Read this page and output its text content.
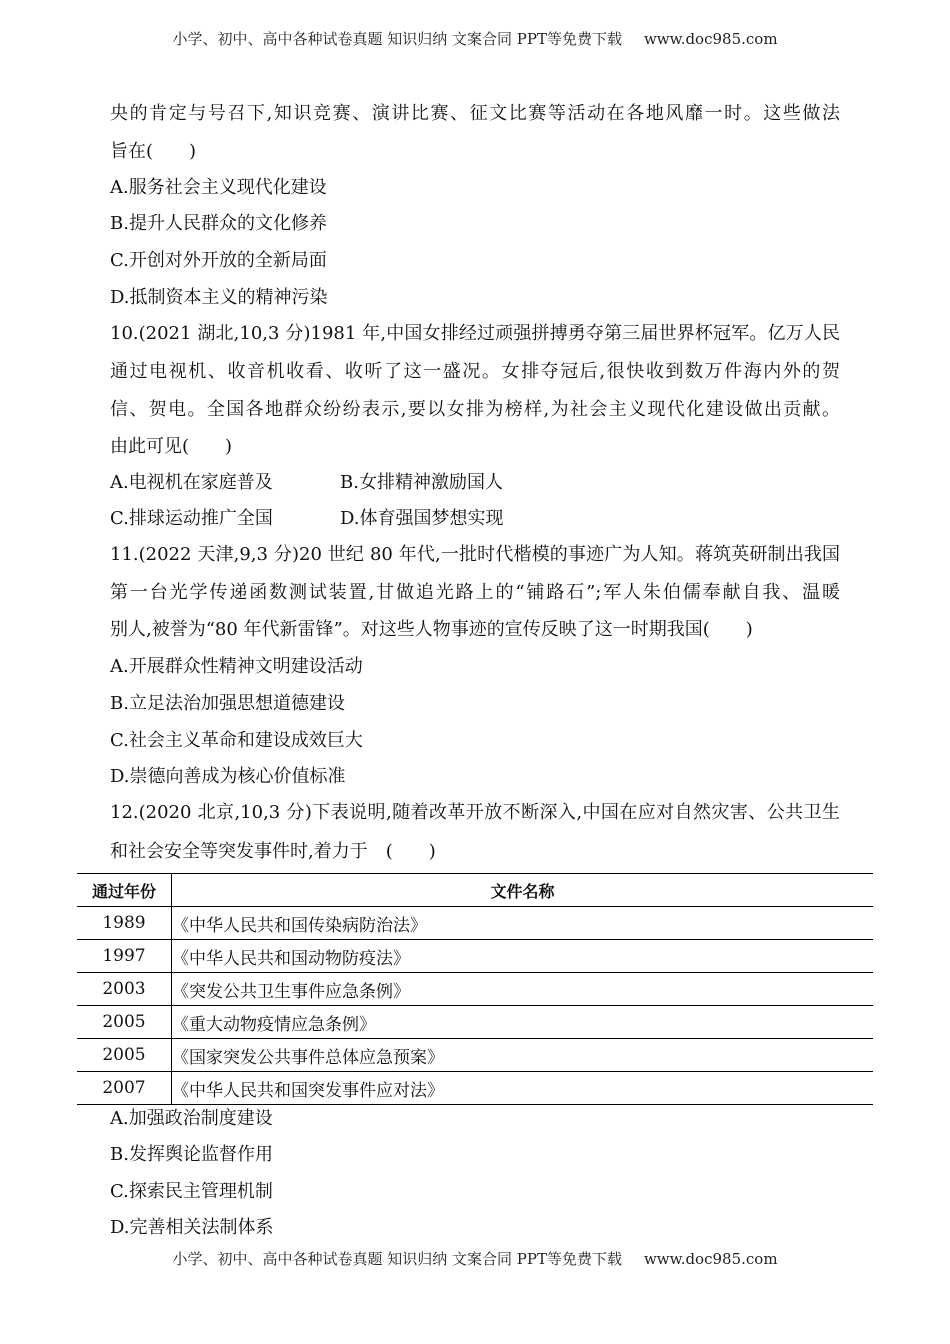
小学、初中、高中各种试卷真题 知识归纳 文案合同 PPT等免费下载 www.doc985.com
央的肯定与号召下,知识竞赛、演讲比赛、征文比赛等活动在各地风靡一时。这些做法
旨在(　　)
A.服务社会主义现代化建设
B.提升人民群众的文化修养
C.开创对外开放的全新局面
D.抵制资本主义的精神污染
10.(2021 湖北,10,3 分)1981 年,中国女排经过顽强拼搏勇夺第三届世界杯冠军。亿万人民
通过电视机、收音机收看、收听了这一盛况。女排夺冠后,很快收到数万件海内外的贺
信、贺电。全国各地群众纷纷表示,要以女排为榜样,为社会主义现代化建设做出贡献。
由此可见(　　)
A.电视机在家庭普及	B.女排精神激励国人
C.排球运动推广全国	D.体育强国梦想实现
11.(2022 天津,9,3 分)20 世纪 80 年代,一批时代楷模的事迹广为人知。蒋筑英研制出我国
第一台光学传递函数测试装置,甘做追光路上的“铺路石”;军人朱伯儒奉献自我、温暖
别人,被誉为“80 年代新雷锋”。对这些人物事迹的宣传反映了这一时期我国(　　)
A.开展群众性精神文明建设活动
B.立足法治加强思想道德建设
C.社会主义革命和建设成效巨大
D.崇德向善成为核心价值标准
12.(2020 北京,10,3 分)下表说明,随着改革开放不断深入,中国在应对自然灾害、公共卫生
和社会安全等突发事件时,着力于　(　　)
通过年份	文件名称
1989	《中华人民共和国传染病防治法》
1997	《中华人民共和国动物防疫法》
2003	《突发公共卫生事件应急条例》
2005	《重大动物疫情应急条例》
2005	《国家突发公共事件总体应急预案》
2007	《中华人民共和国突发事件应对法》
A.加强政治制度建设
B.发挥舆论监督作用
C.探索民主管理机制
D.完善相关法制体系
小学、初中、高中各种试卷真题 知识归纳 文案合同 PPT等免费下载 www.doc985.com
